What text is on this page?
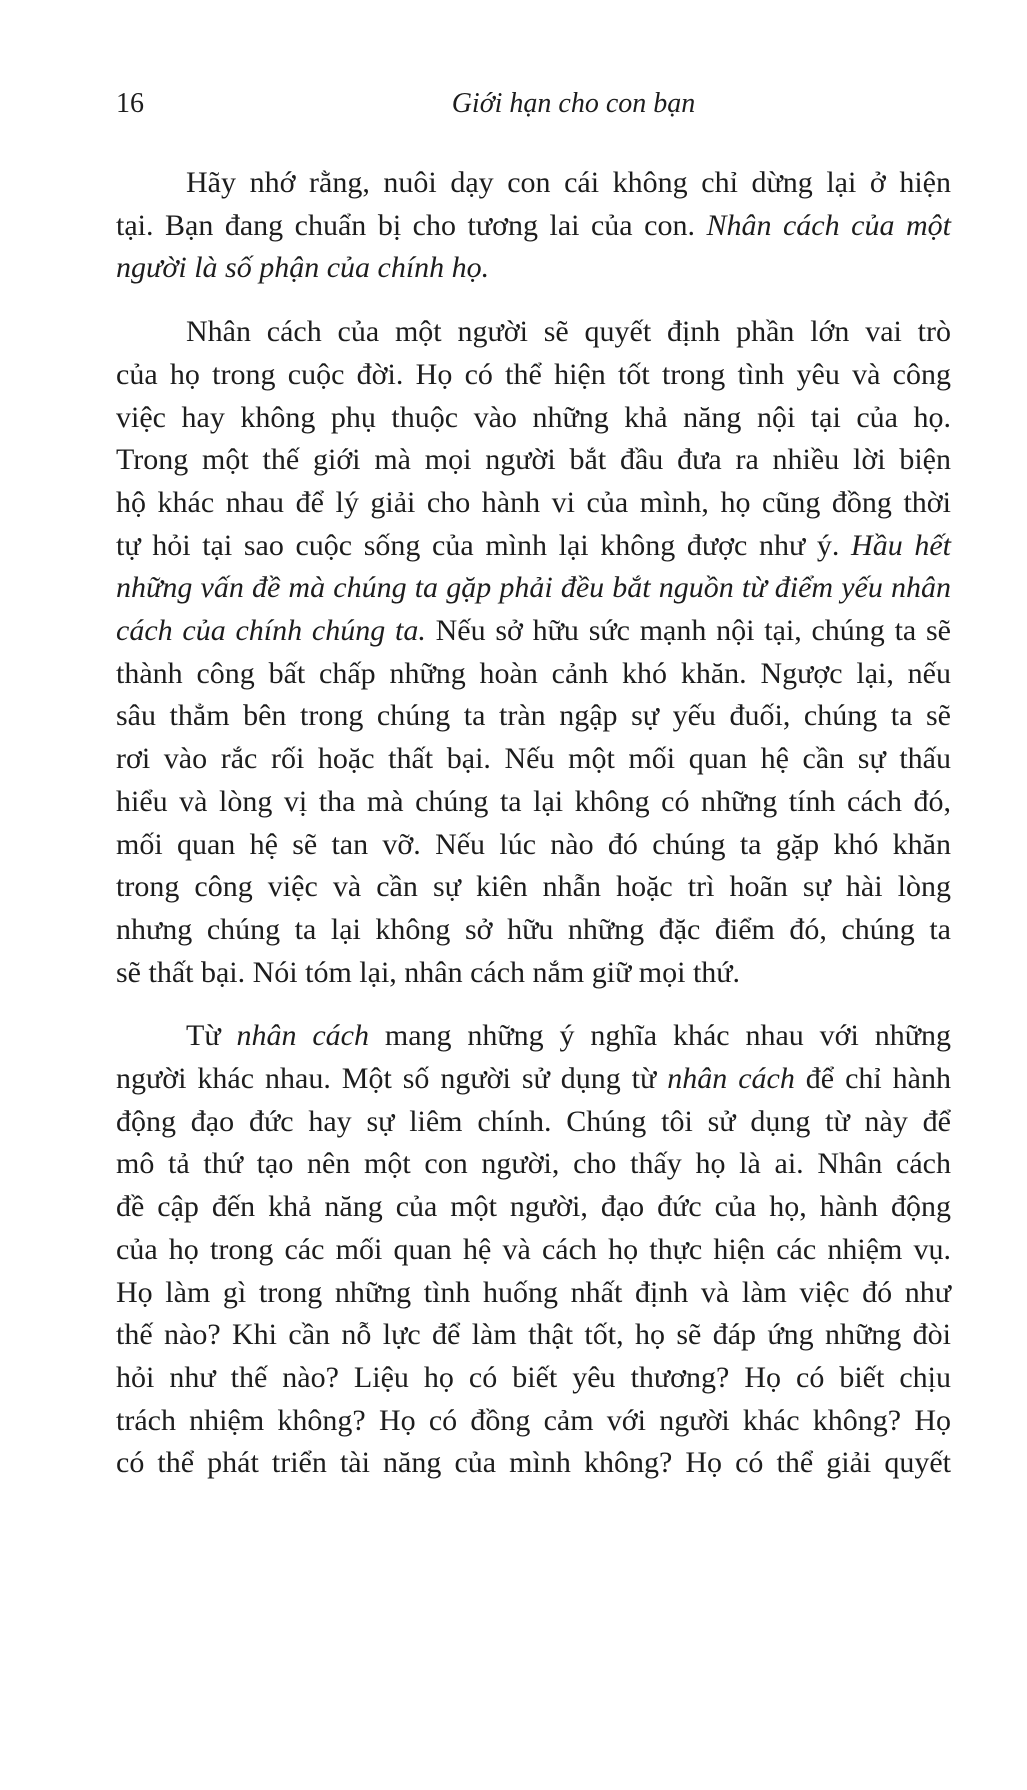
16	Giới hạn cho con bạn
Hãy nhớ rằng, nuôi dạy con cái không chỉ dừng lại ở hiện
tại. Bạn đang chuẩn bị cho tương lai của con. Nhân cách của một
người là số phận của chính họ.
Nhân cách của một người sẽ quyết định phần lớn vai trò
của họ trong cuộc đời. Họ có thể hiện tốt trong tình yêu và công
việc hay không phụ thuộc vào những khả năng nội tại của họ.
Trong một thế giới mà mọi người bắt đầu đưa ra nhiều lời biện
hộ khác nhau để lý giải cho hành vi của mình, họ cũng đồng thời
tự hỏi tại sao cuộc sống của mình lại không được như ý. Hầu hết
những vấn đề mà chúng ta gặp phải đều bắt nguồn từ điểm yếu nhân
cách của chính chúng ta. Nếu sở hữu sức mạnh nội tại, chúng ta sẽ
thành công bất chấp những hoàn cảnh khó khăn. Ngược lại, nếu
sâu thẳm bên trong chúng ta tràn ngập sự yếu đuối, chúng ta sẽ
rơi vào rắc rối hoặc thất bại. Nếu một mối quan hệ cần sự thấu
hiểu và lòng vị tha mà chúng ta lại không có những tính cách đó,
mối quan hệ sẽ tan vỡ. Nếu lúc nào đó chúng ta gặp khó khăn
trong công việc và cần sự kiên nhẫn hoặc trì hoãn sự hài lòng
nhưng chúng ta lại không sở hữu những đặc điểm đó, chúng ta
sẽ thất bại. Nói tóm lại, nhân cách nắm giữ mọi thứ.
Từ nhân cách mang những ý nghĩa khác nhau với những
người khác nhau. Một số người sử dụng từ nhân cách để chỉ hành
động đạo đức hay sự liêm chính. Chúng tôi sử dụng từ này để
mô tả thứ tạo nên một con người, cho thấy họ là ai. Nhân cách
đề cập đến khả năng của một người, đạo đức của họ, hành động
của họ trong các mối quan hệ và cách họ thực hiện các nhiệm vụ.
Họ làm gì trong những tình huống nhất định và làm việc đó như
thế nào? Khi cần nỗ lực để làm thật tốt, họ sẽ đáp ứng những đòi
hỏi như thế nào? Liệu họ có biết yêu thương? Họ có biết chịu
trách nhiệm không? Họ có đồng cảm với người khác không? Họ
có thể phát triển tài năng của mình không? Họ có thể giải quyết
